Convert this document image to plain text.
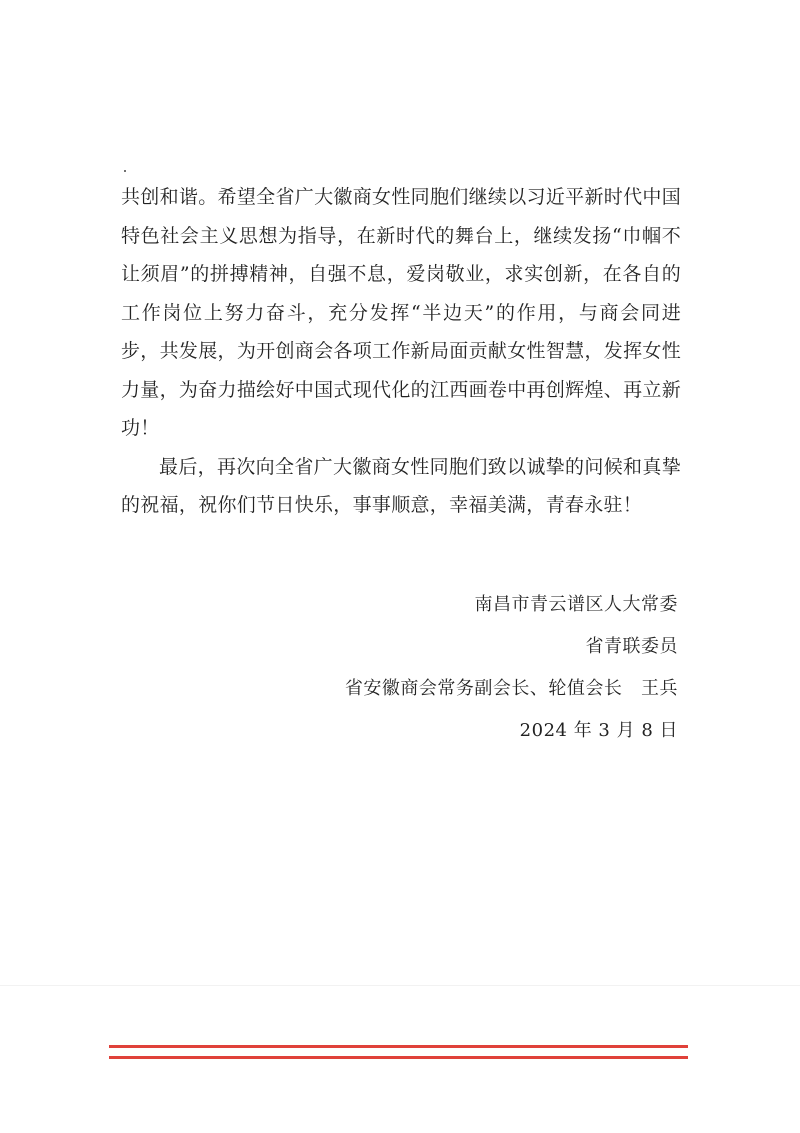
共创和谐。希望全省广大徽商女性同胞们继续以习近平新时代中国特色社会主义思想为指导，在新时代的舞台上，继续发扬“巾帼不让须眉”的拼搏精神，自强不息，爱岗敬业，求实创新，在各自的工作岗位上努力奋斗，充分发挥“半边天”的作用，与商会同进步，共发展，为开创商会各项工作新局面贡献女性智慧，发挥女性力量，为奋力描绘好中国式现代化的江西画卷中再创辉煌、再立新功！

最后，再次向全省广大徽商女性同胞们致以诚挚的问候和真挚的祝福，祝你们节日快乐，事事顺意，幸福美满，青春永驻！

南昌市青云谱区人大常委
省青联委员
省安徽商会常务副会长、轮值会长   王兵
2024 年 3 月 8 日
